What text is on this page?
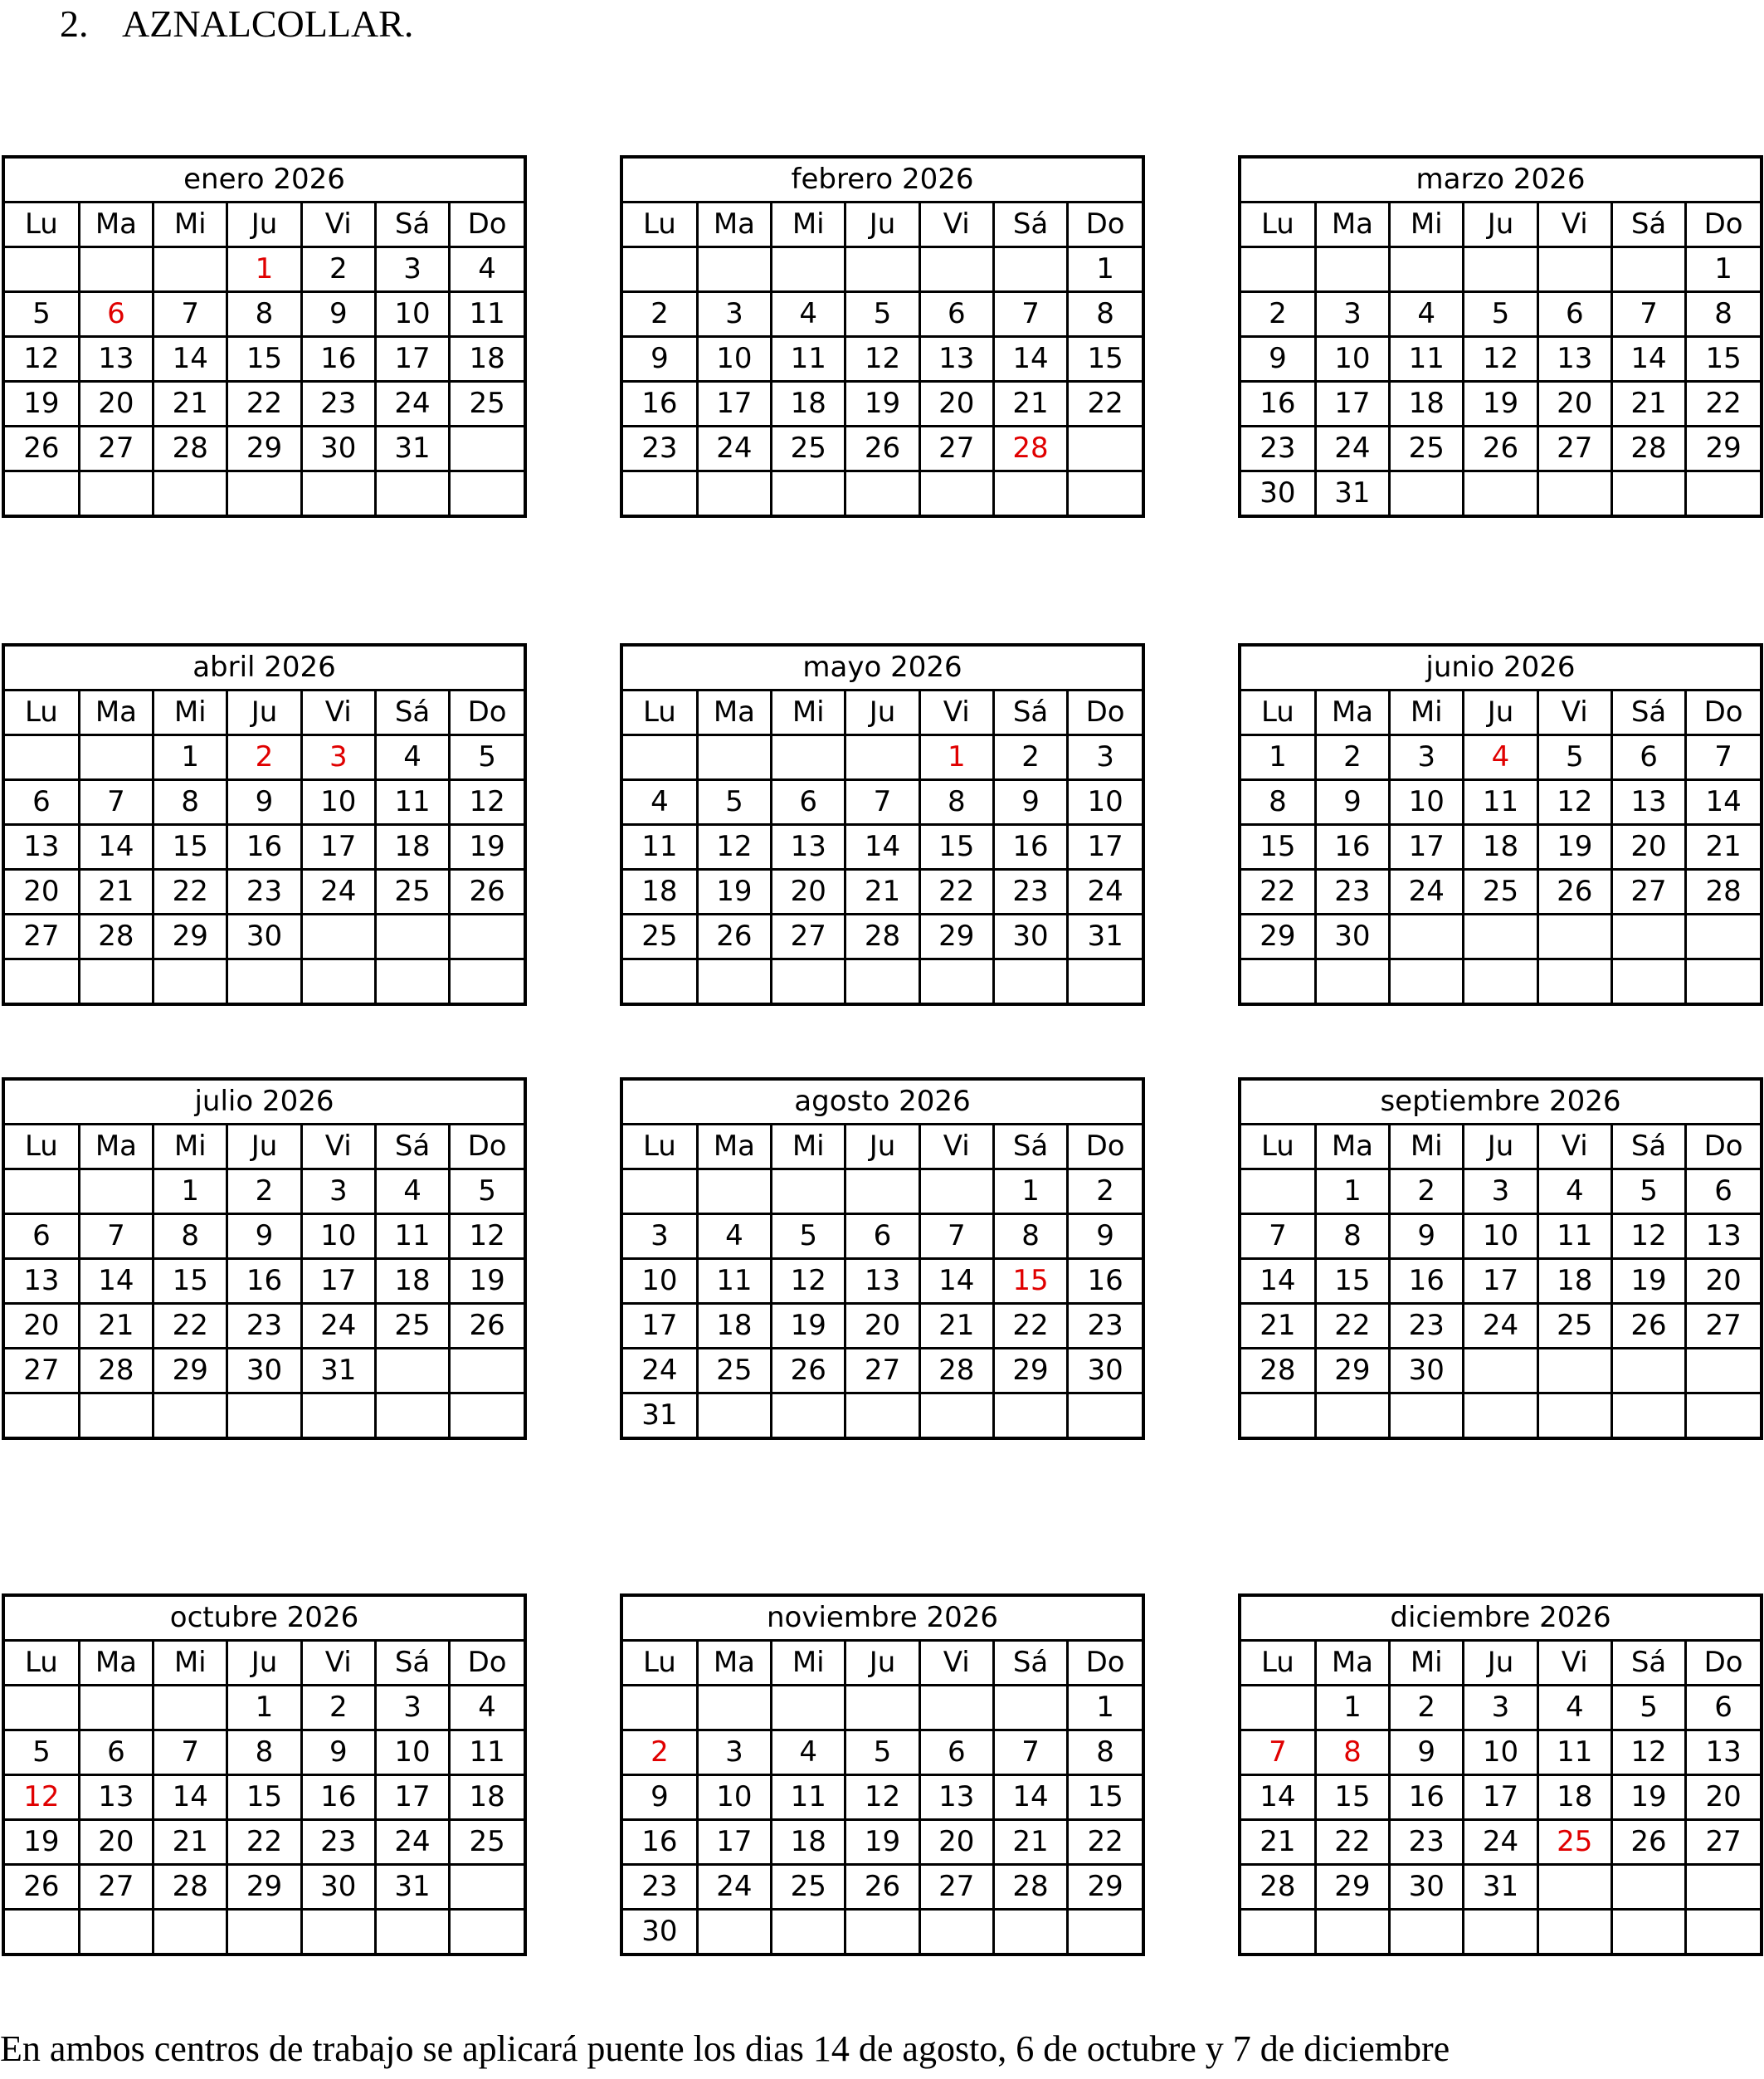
2. AZNALCOLLAR.
enero 2026
Lu	Ma	Mi	Ju	Vi	Sá	Do
			1	2	3	4
5	6	7	8	9	10	11
12	13	14	15	16	17	18
19	20	21	22	23	24	25
26	27	28	29	30	31	

febrero 2026
Lu	Ma	Mi	Ju	Vi	Sá	Do
						1
2	3	4	5	6	7	8
9	10	11	12	13	14	15
16	17	18	19	20	21	22
23	24	25	26	27	28	

marzo 2026
Lu	Ma	Mi	Ju	Vi	Sá	Do
						1
2	3	4	5	6	7	8
9	10	11	12	13	14	15
16	17	18	19	20	21	22
23	24	25	26	27	28	29
30	31					
abril 2026
Lu	Ma	Mi	Ju	Vi	Sá	Do
		1	2	3	4	5
6	7	8	9	10	11	12
13	14	15	16	17	18	19
20	21	22	23	24	25	26
27	28	29	30			

mayo 2026
Lu	Ma	Mi	Ju	Vi	Sá	Do
				1	2	3
4	5	6	7	8	9	10
11	12	13	14	15	16	17
18	19	20	21	22	23	24
25	26	27	28	29	30	31

junio 2026
Lu	Ma	Mi	Ju	Vi	Sá	Do
1	2	3	4	5	6	7
8	9	10	11	12	13	14
15	16	17	18	19	20	21
22	23	24	25	26	27	28
29	30					

julio 2026
Lu	Ma	Mi	Ju	Vi	Sá	Do
		1	2	3	4	5
6	7	8	9	10	11	12
13	14	15	16	17	18	19
20	21	22	23	24	25	26
27	28	29	30	31		

agosto 2026
Lu	Ma	Mi	Ju	Vi	Sá	Do
					1	2
3	4	5	6	7	8	9
10	11	12	13	14	15	16
17	18	19	20	21	22	23
24	25	26	27	28	29	30
31						
septiembre 2026
Lu	Ma	Mi	Ju	Vi	Sá	Do
	1	2	3	4	5	6
7	8	9	10	11	12	13
14	15	16	17	18	19	20
21	22	23	24	25	26	27
28	29	30				

octubre 2026
Lu	Ma	Mi	Ju	Vi	Sá	Do
			1	2	3	4
5	6	7	8	9	10	11
12	13	14	15	16	17	18
19	20	21	22	23	24	25
26	27	28	29	30	31	

noviembre 2026
Lu	Ma	Mi	Ju	Vi	Sá	Do
						1
2	3	4	5	6	7	8
9	10	11	12	13	14	15
16	17	18	19	20	21	22
23	24	25	26	27	28	29
30						
diciembre 2026
Lu	Ma	Mi	Ju	Vi	Sá	Do
	1	2	3	4	5	6
7	8	9	10	11	12	13
14	15	16	17	18	19	20
21	22	23	24	25	26	27
28	29	30	31			

En ambos centros de trabajo se aplicará puente los dias 14 de agosto, 6 de octubre y 7 de diciembre
